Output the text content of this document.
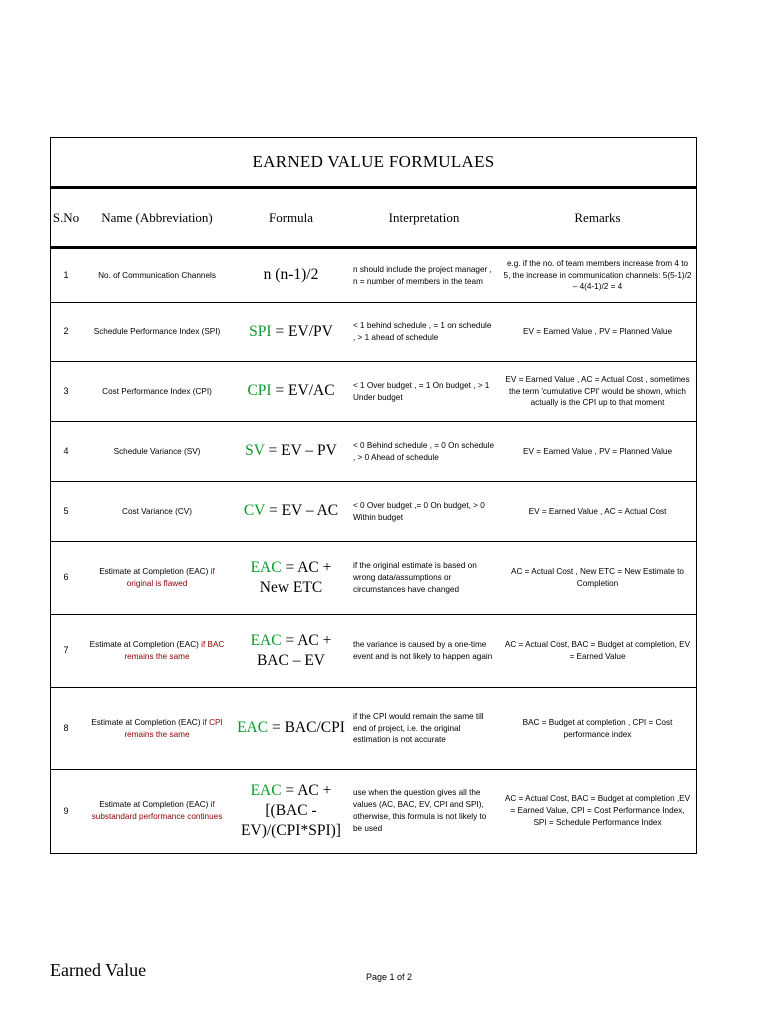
EARNED VALUE FORMULAES
S.No	Name (Abbreviation)	Formula	Interpretation	Remarks
1	No. of Communication Channels	n (n-1)/2	n should include the project manager , n = number of members in the team	e.g. if the no. of team members increase from 4 to 5, the increase in communication channels: 5(5-1)/2 – 4(4-1)/2 = 4
2	Schedule Performance Index (SPI)	SPI = EV/PV	< 1 behind schedule , = 1 on schedule , > 1 ahead of schedule	EV = Earned Value , PV = Planned Value
3	Cost Performance Index (CPI)	CPI = EV/AC	< 1 Over budget , = 1 On budget , > 1 Under budget	EV = Earned Value , AC = Actual Cost , sometimes the term 'cumulative CPI' would be shown, which actually is the CPI up to that moment
4	Schedule Variance (SV)	SV = EV – PV	< 0 Behind schedule , = 0 On schedule , > 0 Ahead of schedule	EV = Earned Value , PV = Planned Value
5	Cost Variance (CV)	CV = EV – AC	< 0 Over budget ,= 0 On budget, > 0 Within budget	EV = Earned Value , AC = Actual Cost
6	Estimate at Completion (EAC) if original is flawed	EAC = AC + New ETC	if the original estimate is based on wrong data/assumptions or circumstances have changed	AC = Actual Cost , New ETC = New Estimate to Completion
7	Estimate at Completion (EAC) if BAC remains the same	EAC = AC + BAC – EV	the variance is caused by a one-time event and is not likely to happen again	AC = Actual Cost, BAC = Budget at completion, EV = Earned Value
8	Estimate at Completion (EAC) if CPI remains the same	EAC = BAC/CPI	if the CPI would remain the same till end of project, i.e. the original estimation is not accurate	BAC = Budget at completion , CPI = Cost performance index
9	Estimate at Completion (EAC) if substandard performance continues	EAC = AC + [(BAC - EV)/(CPI*SPI)]	use when the question gives all the values (AC, BAC, EV, CPI and SPI), otherwise, this formula is not likely to be used	AC = Actual Cost, BAC = Budget at completion ,EV = Earned Value, CPI = Cost Performance Index, SPI = Schedule Performance Index
Earned Value	Page 1 of 2
